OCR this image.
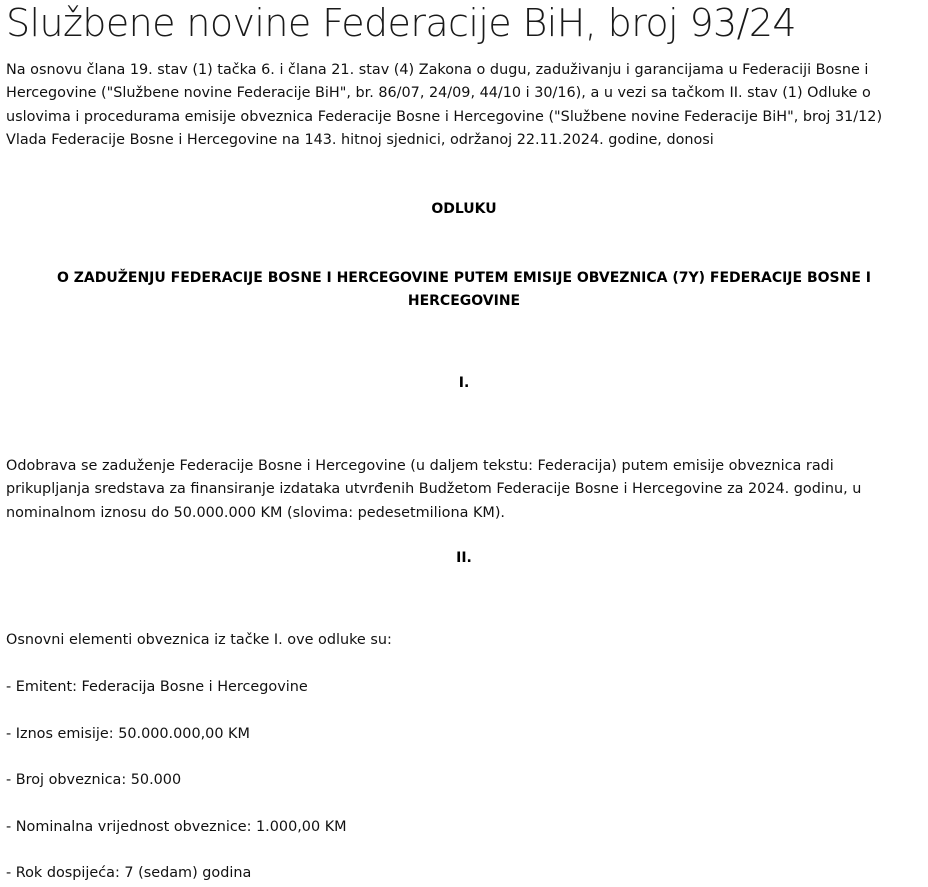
Službene novine Federacije BiH, broj 93/24

Na osnovu člana 19. stav (1) tačka 6. i člana 21. stav (4) Zakona o dugu, zaduživanju i garancijama u Federaciji Bosne i Hercegovine ("Službene novine Federacije BiH", br. 86/07, 24/09, 44/10 i 30/16), a u vezi sa tačkom II. stav (1) Odluke o uslovima i procedurama emisije obveznica Federacije Bosne i Hercegovine ("Službene novine Federacije BiH", broj 31/12) Vlada Federacije Bosne i Hercegovine na 143. hitnoj sjednici, održanoj 22.11.2024. godine, donosi

ODLUKU

O ZADUŽENJU FEDERACIJE BOSNE I HERCEGOVINE PUTEM EMISIJE OBVEZNICA (7Y) FEDERACIJE BOSNE I HERCEGOVINE

I.

Odobrava se zaduženje Federacije Bosne i Hercegovine (u daljem tekstu: Federacija) putem emisije obveznica radi prikupljanja sredstava za finansiranje izdataka utvrđenih Budžetom Federacije Bosne i Hercegovine za 2024. godinu, u nominalnom iznosu do 50.000.000 KM (slovima: pedesetmiliona KM).

II.

Osnovni elementi obveznica iz tačke I. ove odluke su:

- Emitent: Federacija Bosne i Hercegovine

- Iznos emisije: 50.000.000,00 KM

- Broj obveznica: 50.000

- Nominalna vrijednost obveznice: 1.000,00 KM

- Rok dospijeća: 7 (sedam) godina
